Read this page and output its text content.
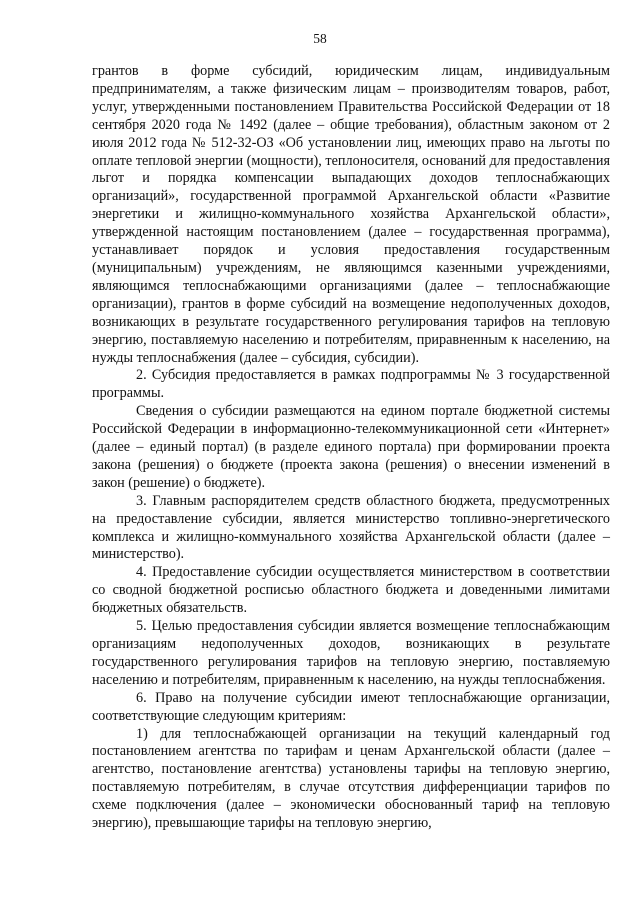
58

грантов в форме субсидий, юридическим лицам, индивидуальным предпринимателям, а также физическим лицам – производителям товаров, работ, услуг, утвержденными постановлением Правительства Российской Федерации от 18 сентября 2020 года № 1492 (далее – общие требования), областным законом от 2 июля 2012 года № 512-32-ОЗ «Об установлении лиц, имеющих право на льготы по оплате тепловой энергии (мощности), теплоносителя, оснований для предоставления льгот и порядка компенсации выпадающих доходов теплоснабжающих организаций», государственной программой Архангельской области «Развитие энергетики и жилищно-коммунального хозяйства Архангельской области», утвержденной настоящим постановлением (далее – государственная программа), устанавливает порядок и условия предоставления государственным (муниципальным) учреждениям, не являющимся казенными учреждениями, являющимся теплоснабжающими организациями (далее – теплоснабжающие организации), грантов в форме субсидий на возмещение недополученных доходов, возникающих в результате государственного регулирования тарифов на тепловую энергию, поставляемую населению и потребителям, приравненным к населению, на нужды теплоснабжения (далее – субсидия, субсидии).

2. Субсидия предоставляется в рамках подпрограммы № 3 государственной программы.

Сведения о субсидии размещаются на едином портале бюджетной системы Российской Федерации в информационно-телекоммуникационной сети «Интернет» (далее – единый портал) (в разделе единого портала) при формировании проекта закона (решения) о бюджете (проекта закона (решения) о внесении изменений в закон (решение) о бюджете).

3. Главным распорядителем средств областного бюджета, предусмотренных на предоставление субсидии, является министерство топливно-энергетического комплекса и жилищно-коммунального хозяйства Архангельской области (далее – министерство).

4. Предоставление субсидии осуществляется министерством в соответствии со сводной бюджетной росписью областного бюджета и доведенными лимитами бюджетных обязательств.

5. Целью предоставления субсидии является возмещение теплоснабжающим организациям недополученных доходов, возникающих в результате государственного регулирования тарифов на тепловую энергию, поставляемую населению и потребителям, приравненным к населению, на нужды теплоснабжения.

6. Право на получение субсидии имеют теплоснабжающие организации, соответствующие следующим критериям:

1) для теплоснабжающей организации на текущий календарный год постановлением агентства по тарифам и ценам Архангельской области (далее – агентство, постановление агентства) установлены тарифы на тепловую энергию, поставляемую потребителям, в случае отсутствия дифференциации тарифов по схеме подключения (далее – экономически обоснованный тариф на тепловую энергию), превышающие тарифы на тепловую энергию,
